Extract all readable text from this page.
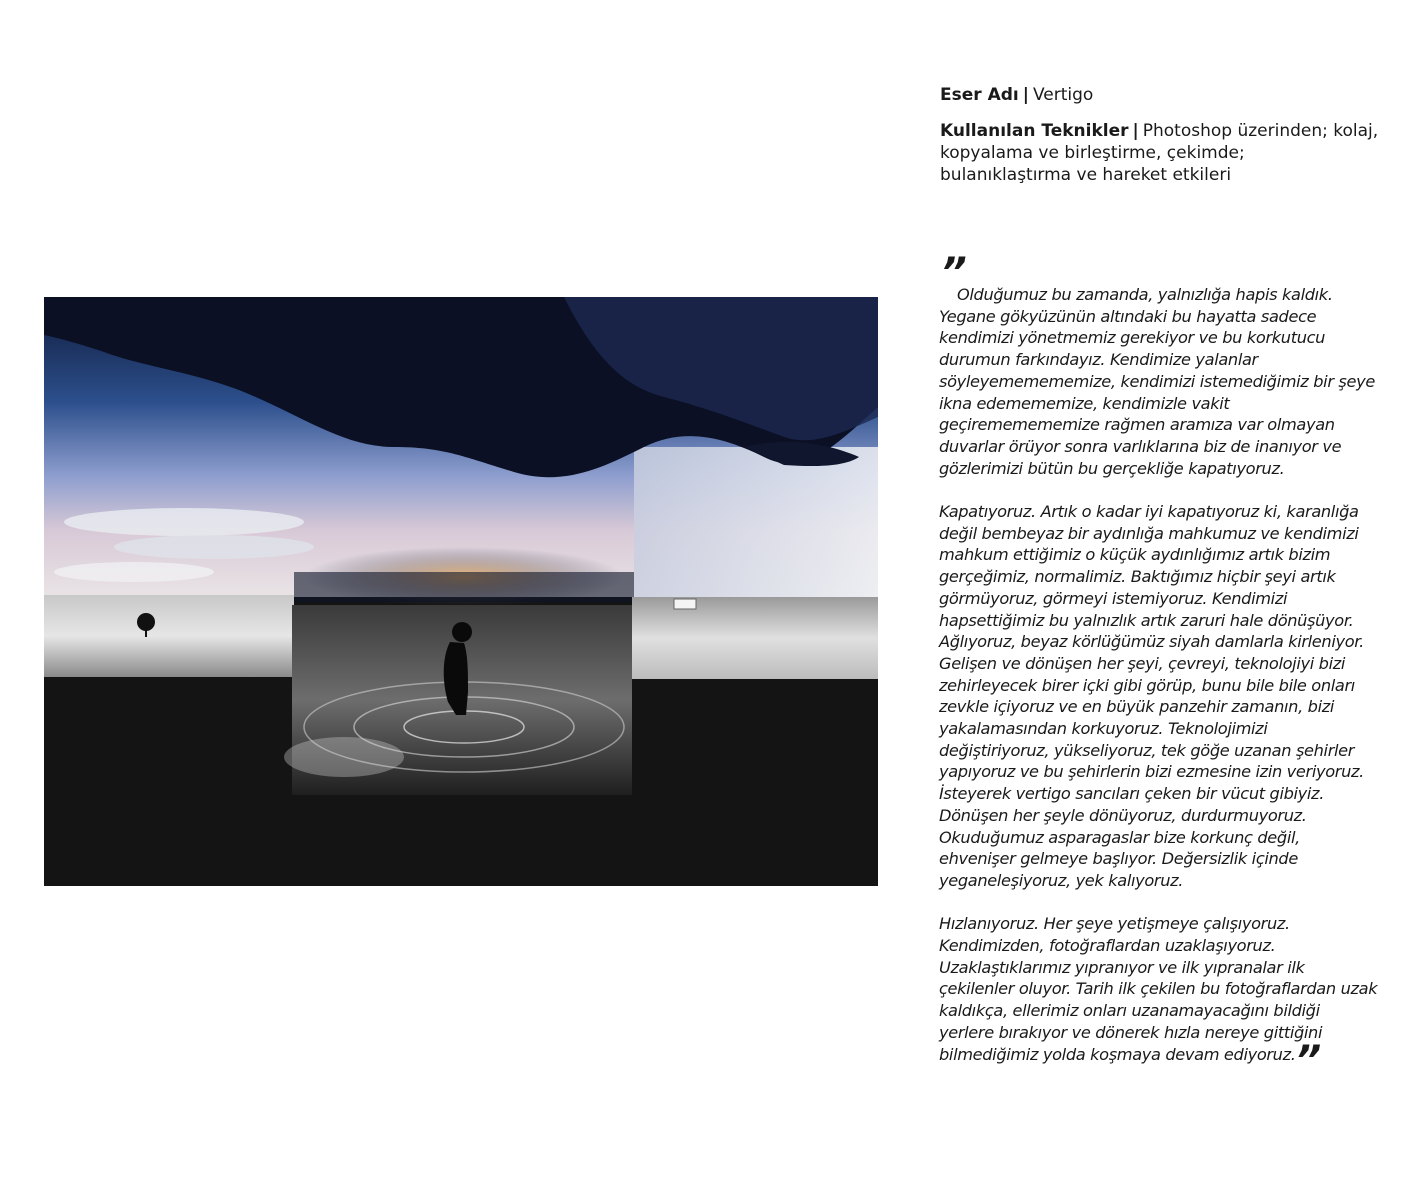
Eser Adı | Vertigo
Kullanılan Teknikler | Photoshop üzerinden; kolaj, kopyalama ve birleştirme, çekimde; bulanıklaştırma ve hareket etkileri
”

Olduğumuz bu zamanda, yalnızlığa hapis kaldık. Yegane gökyüzünün altındaki bu hayatta sadece kendimizi yönetmemiz gerekiyor ve bu korkutucu durumun farkındayız. Kendimize yalanlar söyleyememememize, kendimizi istemediğimiz bir şeye ikna edemememize, kendimizle vakit geçirememememize rağmen aramıza var olmayan duvarlar örüyor sonra varlıklarına biz de inanıyor ve gözlerimizi bütün bu gerçekliğe kapatıyoruz.

Kapatıyoruz. Artık o kadar iyi kapatıyoruz ki, karanlığa değil bembeyaz bir aydınlığa mahkumuz ve kendimizi mahkum ettiğimiz o küçük aydınlığımız artık bizim gerçeğimiz, normalimiz. Baktığımız hiçbir şeyi artık görmüyoruz, görmeyi istemiyoruz. Kendimizi hapsettiğimiz bu yalnızlık artık zaruri hale dönüşüyor. Ağlıyoruz, beyaz körlüğümüz siyah damlarla kirleniyor. Gelişen ve dönüşen her şeyi, çevreyi, teknolojiyi bizi zehirleyecek birer içki gibi görüp, bunu bile bile onları zevkle içiyoruz ve en büyük panzehir zamanın, bizi yakalamasından korkuyoruz. Teknolojimizi değiştiriyoruz, yükseliyoruz, tek göğe uzanan şehirler yapıyoruz ve bu şehirlerin bizi ezmesine izin veriyoruz. İsteyerek vertigo sancıları çeken bir vücut gibiyiz. Dönüşen her şeyle dönüyoruz, durdurmuyoruz. Okuduğumuz asparagaslar bize korkunç değil, ehvenişer gelmeye başlıyor. Değersizlik içinde yeganeleşiyoruz, yek kalıyoruz.

Hızlanıyoruz. Her şeye yetişmeye çalışıyoruz. Kendimizden, fotoğraflardan uzaklaşıyoruz. Uzaklaştıklarımız yıpranıyor ve ilk yıpranalar ilk çekilenler oluyor. Tarih ilk çekilen bu fotoğraflardan uzak kaldıkça, ellerimiz onları uzanamayacağını bildiği yerlere bırakıyor ve dönerek hızla nereye gittiğini bilmediğimiz yolda koşmaya devam ediyoruz.”
